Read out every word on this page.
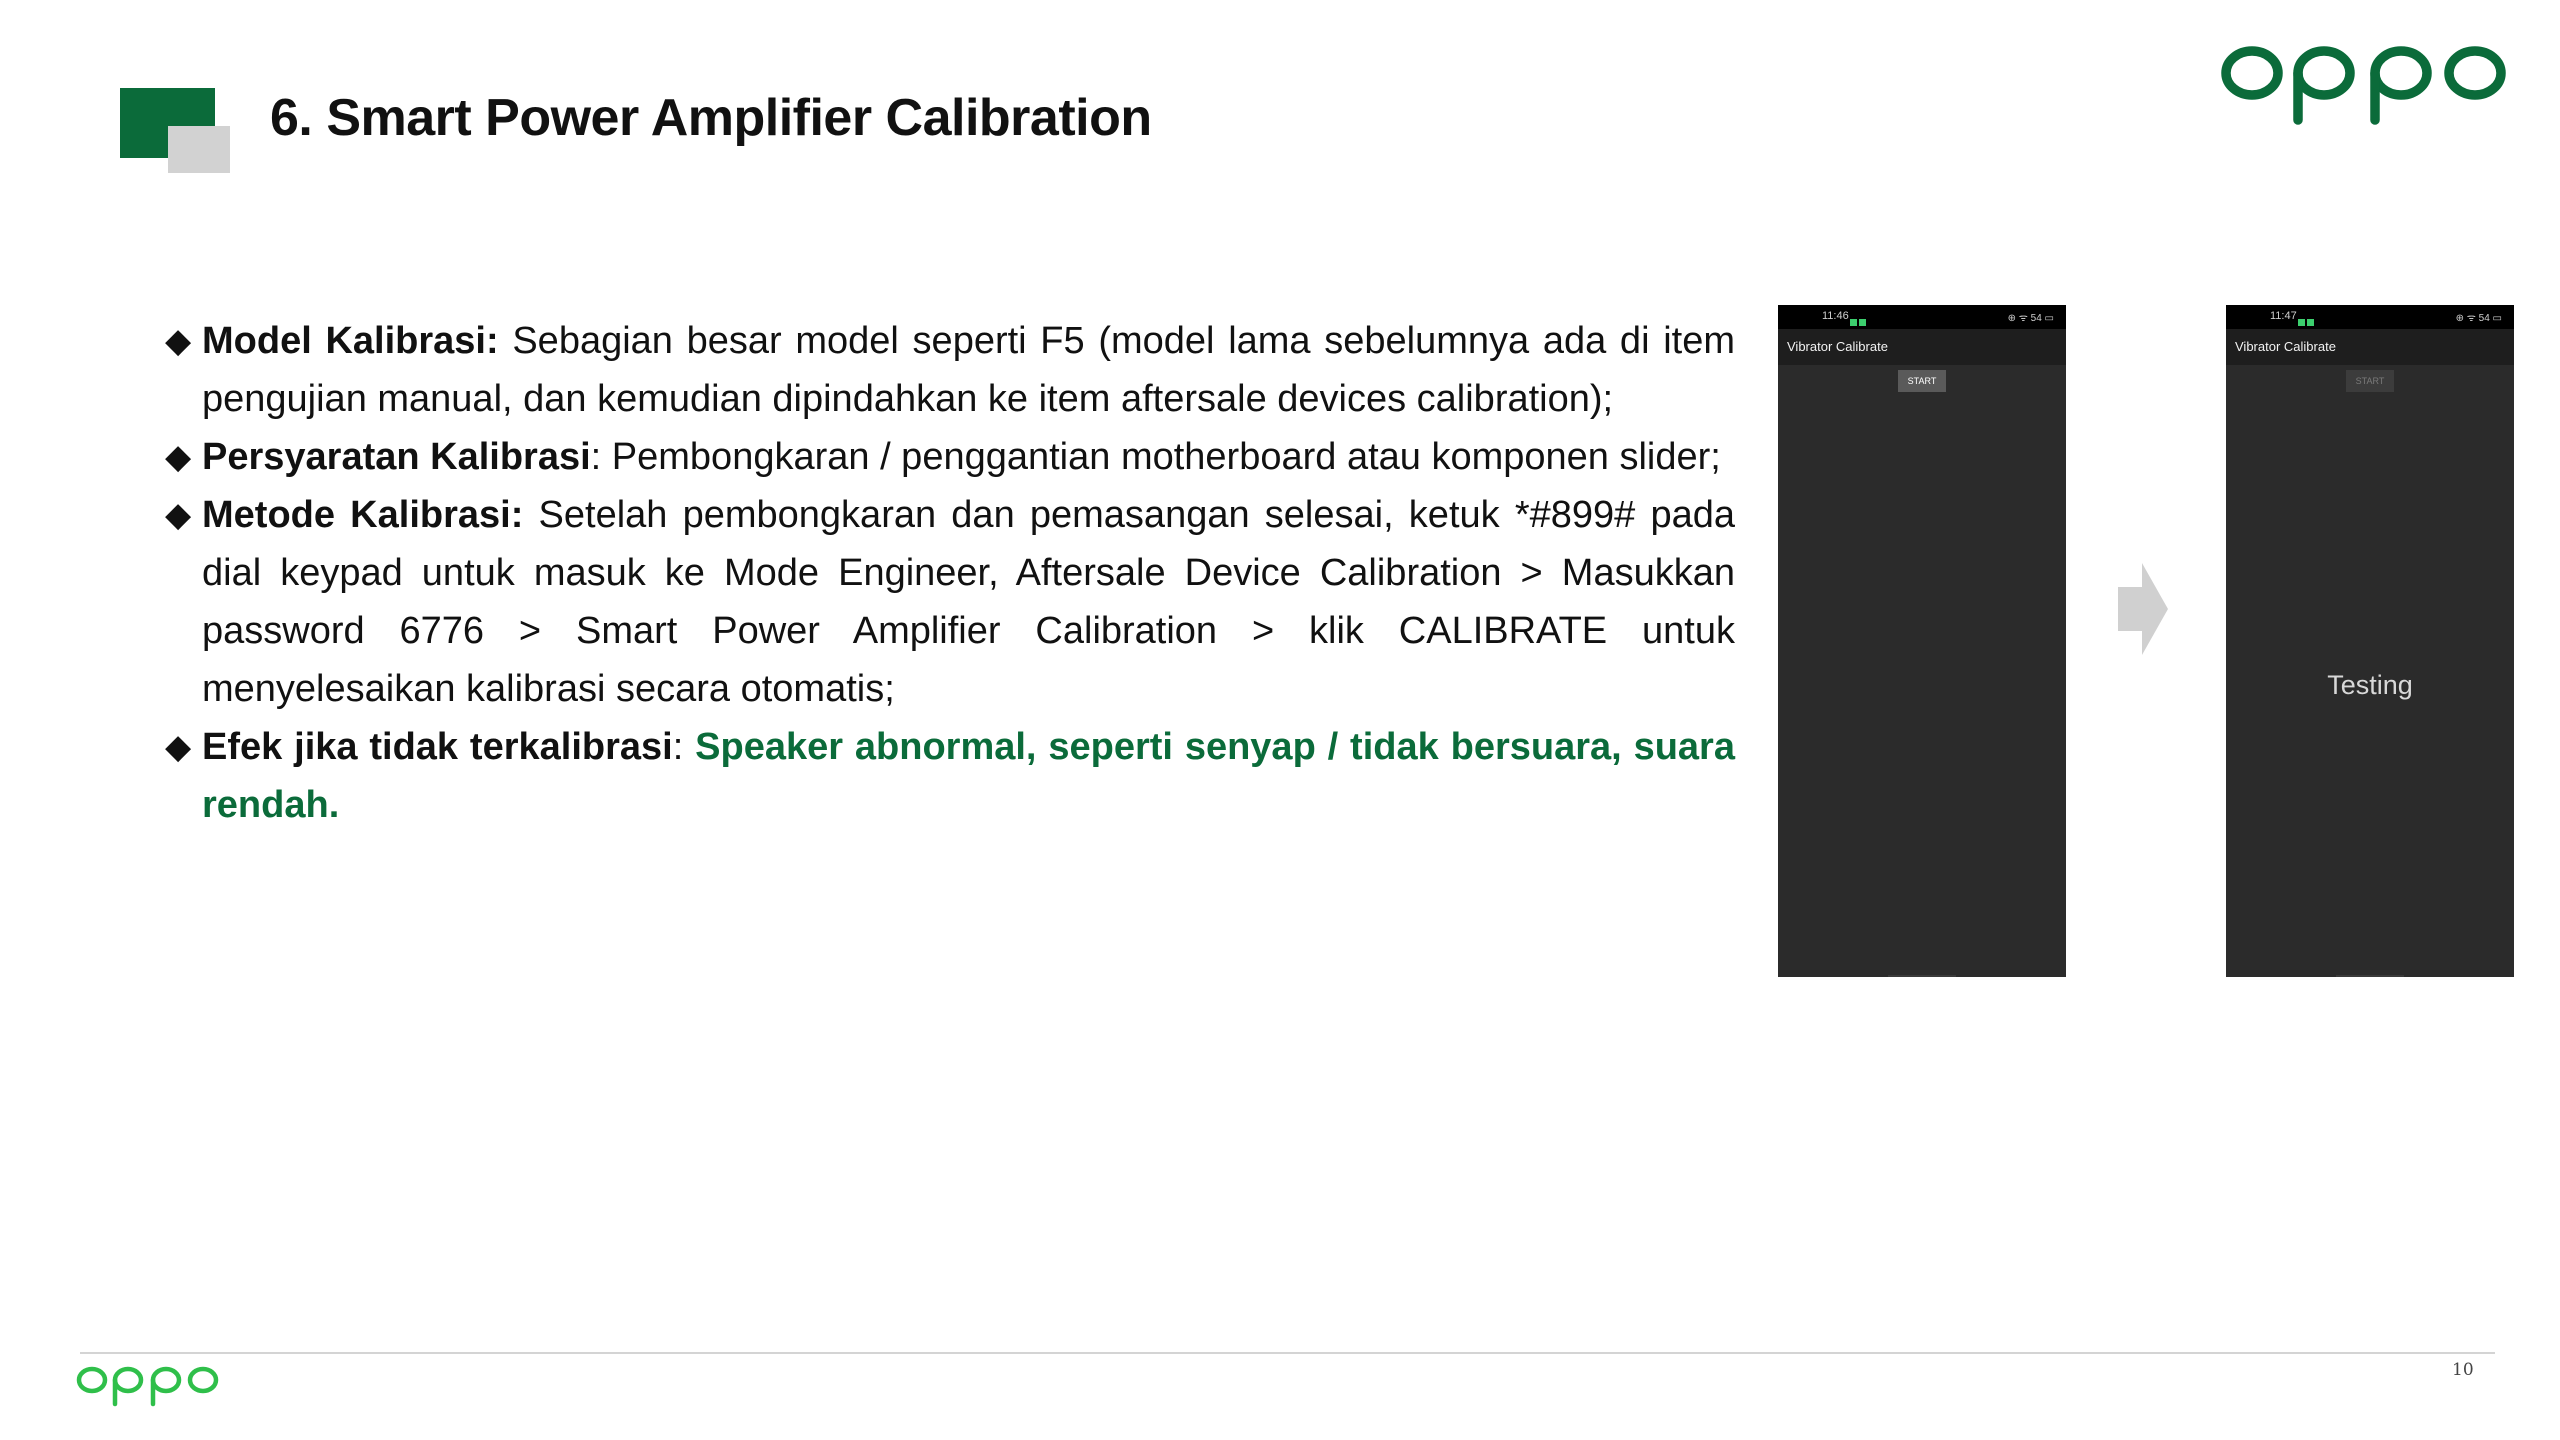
6. Smart Power Amplifier Calibration
◆ Model Kalibrasi: Sebagian besar model seperti F5 (model lama sebelumnya ada di item pengujian manual, dan kemudian dipindahkan ke item aftersale devices calibration);
◆ Persyaratan Kalibrasi: Pembongkaran / penggantian motherboard atau komponen slider;
◆ Metode Kalibrasi: Setelah pembongkaran dan pemasangan selesai, ketuk *#899# pada dial keypad untuk masuk ke Mode Engineer, Aftersale Device Calibration > Masukkan password 6776 > Smart Power Amplifier Calibration > klik CALIBRATE untuk menyelesaikan kalibrasi secara otomatis;
◆ Efek jika tidak terkalibrasi: Speaker abnormal, seperti senyap / tidak bersuara, suara rendah.
11:46	⊕ ᯤ 54 ▭
Vibrator Calibrate
START
11:47	⊕ ᯤ 54 ▭
Vibrator Calibrate
START
Testing
10
